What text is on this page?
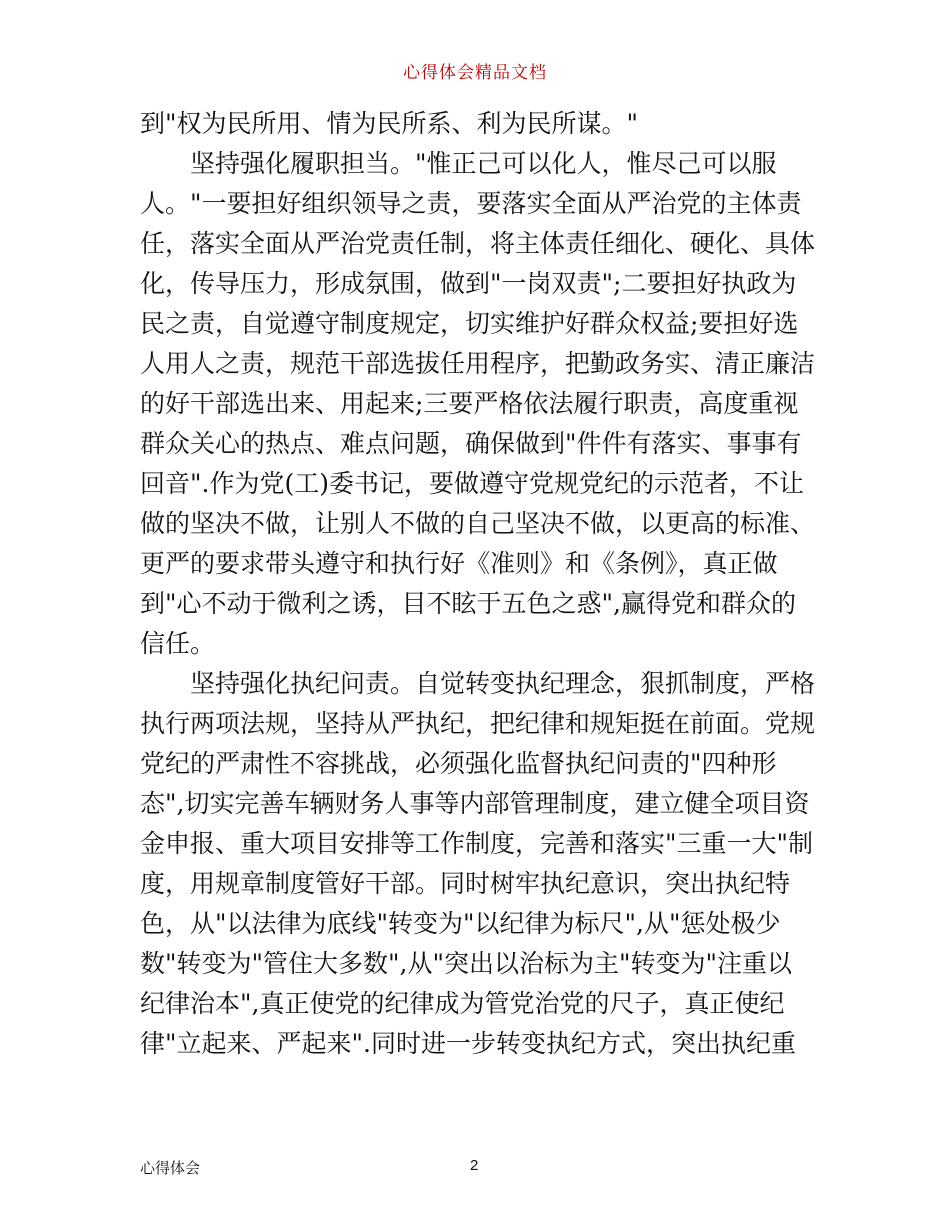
心得体会精品文档
到"权为民所用、情为民所系、利为民所谋。"
坚持强化履职担当。"惟正己可以化人，惟尽己可以服
人。"一要担好组织领导之责，要落实全面从严治党的主体责
任，落实全面从严治党责任制，将主体责任细化、硬化、具体
化，传导压力，形成氛围，做到"一岗双责";二要担好执政为
民之责，自觉遵守制度规定，切实维护好群众权益;要担好选
人用人之责，规范干部选拔任用程序，把勤政务实、清正廉洁
的好干部选出来、用起来;三要严格依法履行职责，高度重视
群众关心的热点、难点问题，确保做到"件件有落实、事事有
回音".作为党(工)委书记，要做遵守党规党纪的示范者，不让
做的坚决不做，让别人不做的自己坚决不做，以更高的标准、
更严的要求带头遵守和执行好《准则》和《条例》，真正做
到"心不动于微利之诱，目不眩于五色之惑",赢得党和群众的
信任。
坚持强化执纪问责。自觉转变执纪理念，狠抓制度，严格
执行两项法规，坚持从严执纪，把纪律和规矩挺在前面。党规
党纪的严肃性不容挑战，必须强化监督执纪问责的"四种形
态",切实完善车辆财务人事等内部管理制度，建立健全项目资
金申报、重大项目安排等工作制度，完善和落实"三重一大"制
度，用规章制度管好干部。同时树牢执纪意识，突出执纪特
色，从"以法律为底线"转变为"以纪律为标尺",从"惩处极少
数"转变为"管住大多数",从"突出以治标为主"转变为"注重以
纪律治本",真正使党的纪律成为管党治党的尺子，真正使纪
律"立起来、严起来".同时进一步转变执纪方式，突出执纪重
心得体会	2
